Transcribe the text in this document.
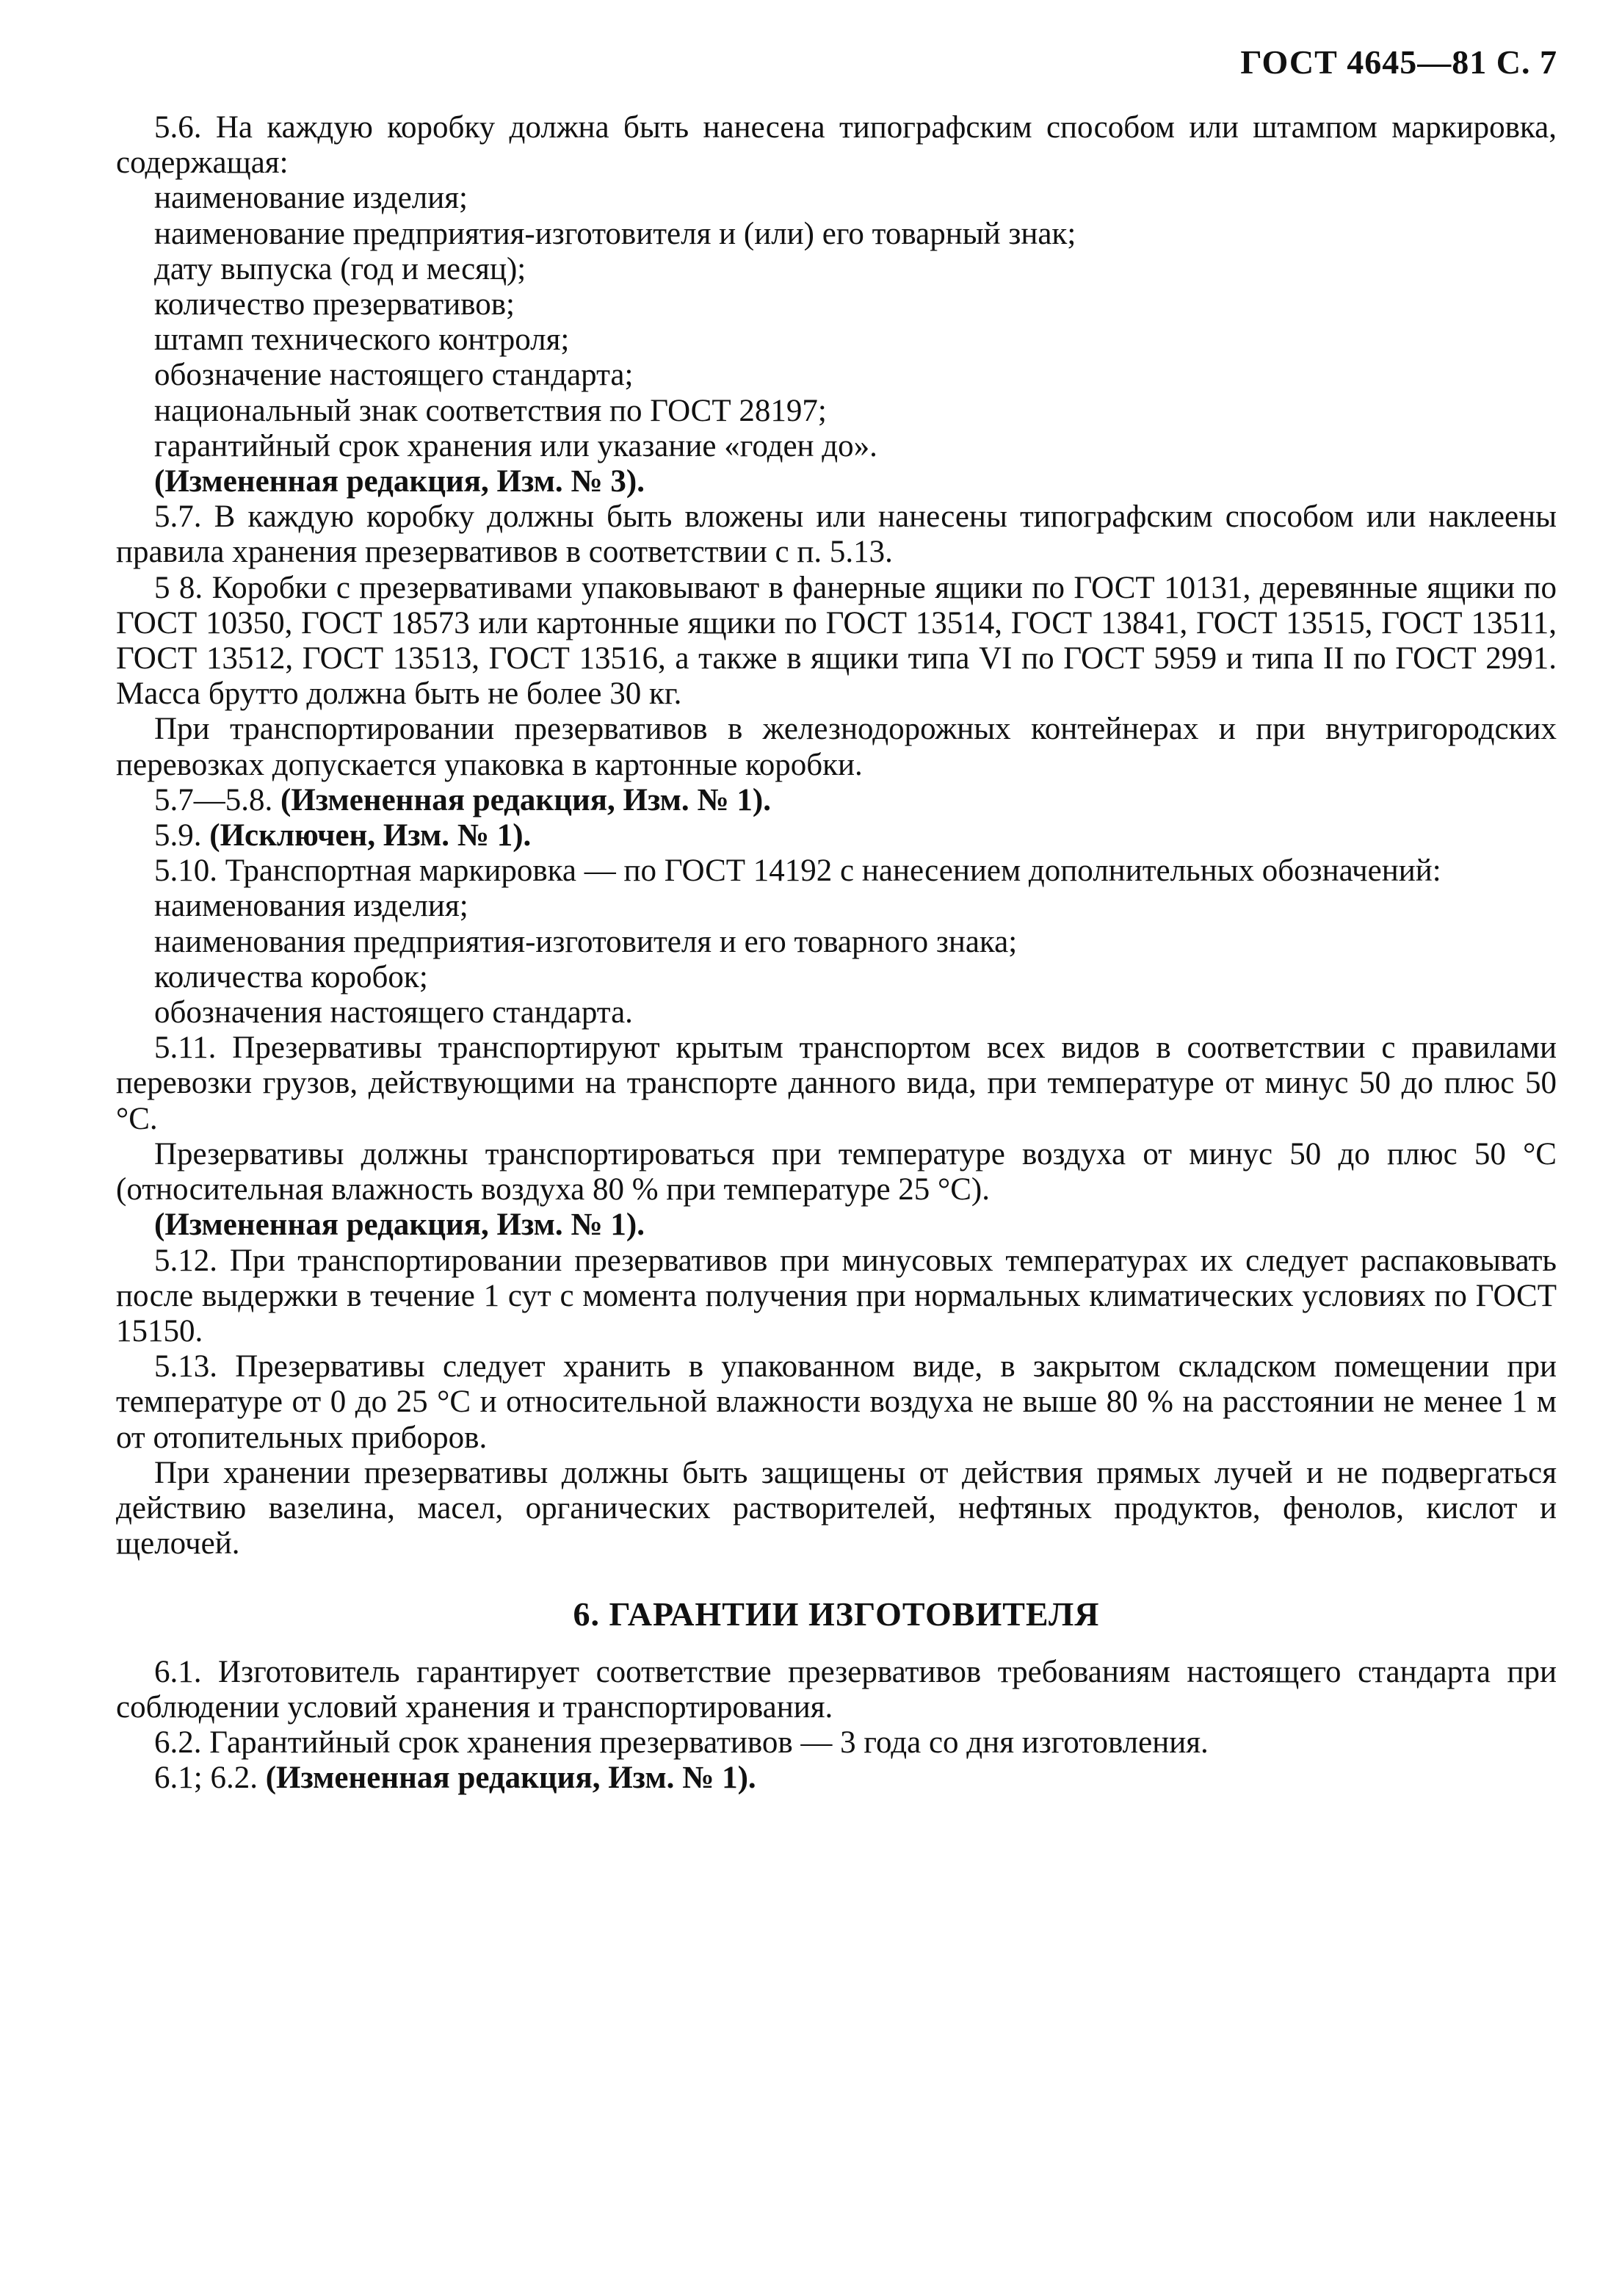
ГОСТ 4645—81 С. 7
5.6. На каждую коробку должна быть нанесена типографским способом или штампом маркировка, содержащая:
наименование изделия;
наименование предприятия-изготовителя и (или) его товарный знак;
дату выпуска (год и месяц);
количество презервативов;
штамп технического контроля;
обозначение настоящего стандарта;
национальный знак соответствия по ГОСТ 28197;
гарантийный срок хранения или указание «годен до».
(Измененная редакция, Изм. № 3).
5.7. В каждую коробку должны быть вложены или нанесены типографским способом или наклеены правила хранения презервативов в соответствии с п. 5.13.
5 8. Коробки с презервативами упаковывают в фанерные ящики по ГОСТ 10131, деревянные ящики по ГОСТ 10350, ГОСТ 18573 или картонные ящики по ГОСТ 13514, ГОСТ 13841, ГОСТ 13515, ГОСТ 13511, ГОСТ 13512, ГОСТ 13513, ГОСТ 13516, а также в ящики типа VI по ГОСТ 5959 и типа II по ГОСТ 2991. Масса брутто должна быть не более 30 кг.
При транспортировании презервативов в железнодорожных контейнерах и при внутригородских перевозках допускается упаковка в картонные коробки.
5.7—5.8. (Измененная редакция, Изм. № 1).
5.9. (Исключен, Изм. № 1).
5.10. Транспортная маркировка — по ГОСТ 14192 с нанесением дополнительных обозначений:
наименования изделия;
наименования предприятия-изготовителя и его товарного знака;
количества коробок;
обозначения настоящего стандарта.
5.11. Презервативы транспортируют крытым транспортом всех видов в соответствии с правилами перевозки грузов, действующими на транспорте данного вида, при температуре от минус 50 до плюс 50 °С.
Презервативы должны транспортироваться при температуре воздуха от минус 50 до плюс 50 °С (относительная влажность воздуха 80 % при температуре 25 °С).
(Измененная редакция, Изм. № 1).
5.12. При транспортировании презервативов при минусовых температурах их следует распаковывать после выдержки в течение 1 сут с момента получения при нормальных климатических условиях по ГОСТ 15150.
5.13. Презервативы следует хранить в упакованном виде, в закрытом складском помещении при температуре от 0 до 25 °С и относительной влажности воздуха не выше 80 % на расстоянии не менее 1 м от отопительных приборов.
При хранении презервативы должны быть защищены от действия прямых лучей и не подвергаться действию вазелина, масел, органических растворителей, нефтяных продуктов, фенолов, кислот и щелочей.
6. ГАРАНТИИ ИЗГОТОВИТЕЛЯ
6.1. Изготовитель гарантирует соответствие презервативов требованиям настоящего стандарта при соблюдении условий хранения и транспортирования.
6.2. Гарантийный срок хранения презервативов — 3 года со дня изготовления.
6.1; 6.2. (Измененная редакция, Изм. № 1).
